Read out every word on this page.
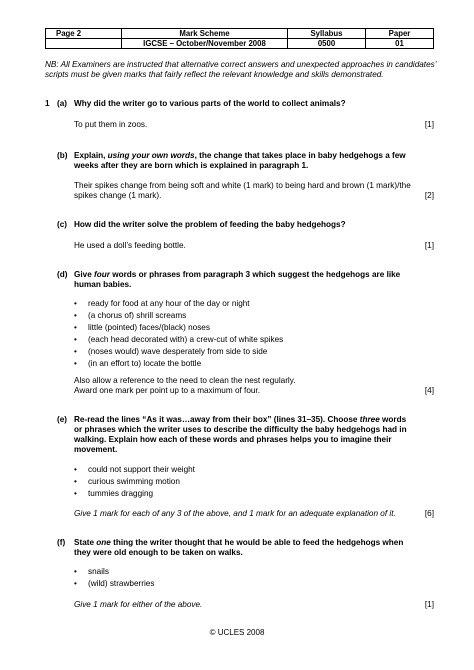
Page 2	Mark Scheme	Syllabus	Paper
	IGCSE – October/November 2008	0500	01
NB: All Examiners are instructed that alternative correct answers and unexpected approaches in candidates’ scripts must be given marks that fairly reflect the relevant knowledge and skills demonstrated.
1 (a) Why did the writer go to various parts of the world to collect animals?
To put them in zoos.	[1]
(b) Explain, using your own words, the change that takes place in baby hedgehogs a few
weeks after they are born which is explained in paragraph 1.
Their spikes change from being soft and white (1 mark) to being hard and brown (1 mark)/the
spikes change (1 mark).	[2]
(c) How did the writer solve the problem of feeding the baby hedgehogs?
He used a doll’s feeding bottle.	[1]
(d) Give four words or phrases from paragraph 3 which suggest the hedgehogs are like
human babies.
• ready for food at any hour of the day or night
• (a chorus of) shrill screams
• little (pointed) faces/(black) noses
• (each head decorated with) a crew-cut of white spikes
• (noses would) wave desperately from side to side
• (in an effort to) locate the bottle
Also allow a reference to the need to clean the nest regularly.
Award one mark per point up to a maximum of four.	[4]
(e) Re-read the lines “As it was…away from their box” (lines 31–35). Choose three words
or phrases which the writer uses to describe the difficulty the baby hedgehogs had in
walking. Explain how each of these words and phrases helps you to imagine their
movement.
• could not support their weight
• curious swimming motion
• tummies dragging
Give 1 mark for each of any 3 of the above, and 1 mark for an adequate explanation of it.	[6]
(f) State one thing the writer thought that he would be able to feed the hedgehogs when
they were old enough to be taken on walks.
• snails
• (wild) strawberries
Give 1 mark for either of the above.	[1]
© UCLES 2008
